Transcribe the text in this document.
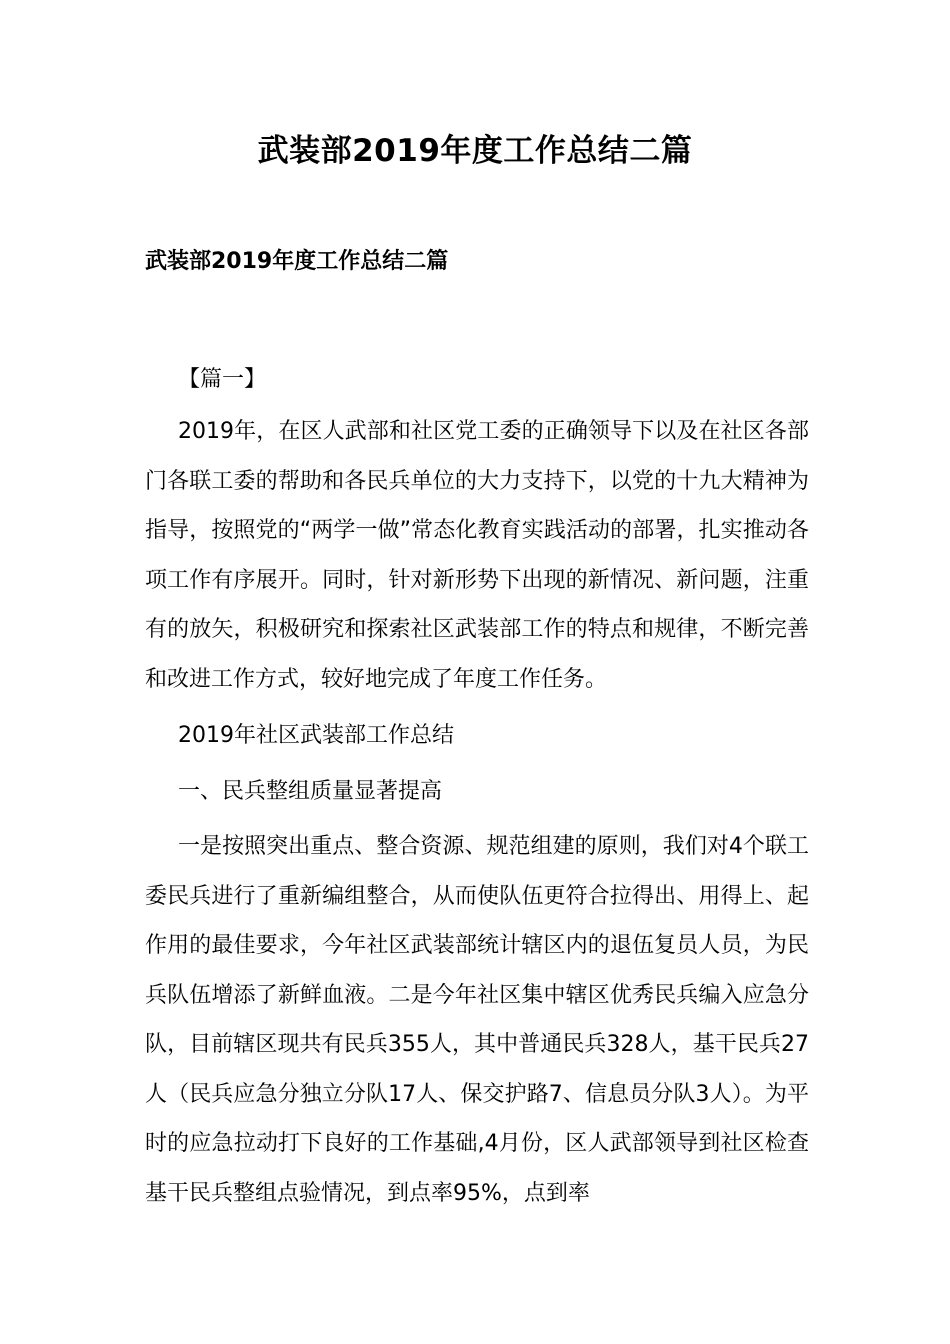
武装部2019年度工作总结二篇

武装部2019年度工作总结二篇

【篇一】

2019年，在区人武部和社区党工委的正确领导下以及在社区各部门各联工委的帮助和各民兵单位的大力支持下，以党的十九大精神为指导，按照党的“两学一做”常态化教育实践活动的部署，扎实推动各项工作有序展开。同时，针对新形势下出现的新情况、新问题，注重有的放矢，积极研究和探索社区武装部工作的特点和规律，不断完善和改进工作方式，较好地完成了年度工作任务。

2019年社区武装部工作总结

一、民兵整组质量显著提高

一是按照突出重点、整合资源、规范组建的原则，我们对4个联工委民兵进行了重新编组整合，从而使队伍更符合拉得出、用得上、起作用的最佳要求，今年社区武装部统计辖区内的退伍复员人员，为民兵队伍增添了新鲜血液。二是今年社区集中辖区优秀民兵编入应急分队，目前辖区现共有民兵355人，其中普通民兵328人，基干民兵27人（民兵应急分独立分队17人、保交护路7、信息员分队3人）。为平时的应急拉动打下良好的工作基础,4月份，区人武部领导到社区检查基干民兵整组点验情况，到点率95%，点到率
